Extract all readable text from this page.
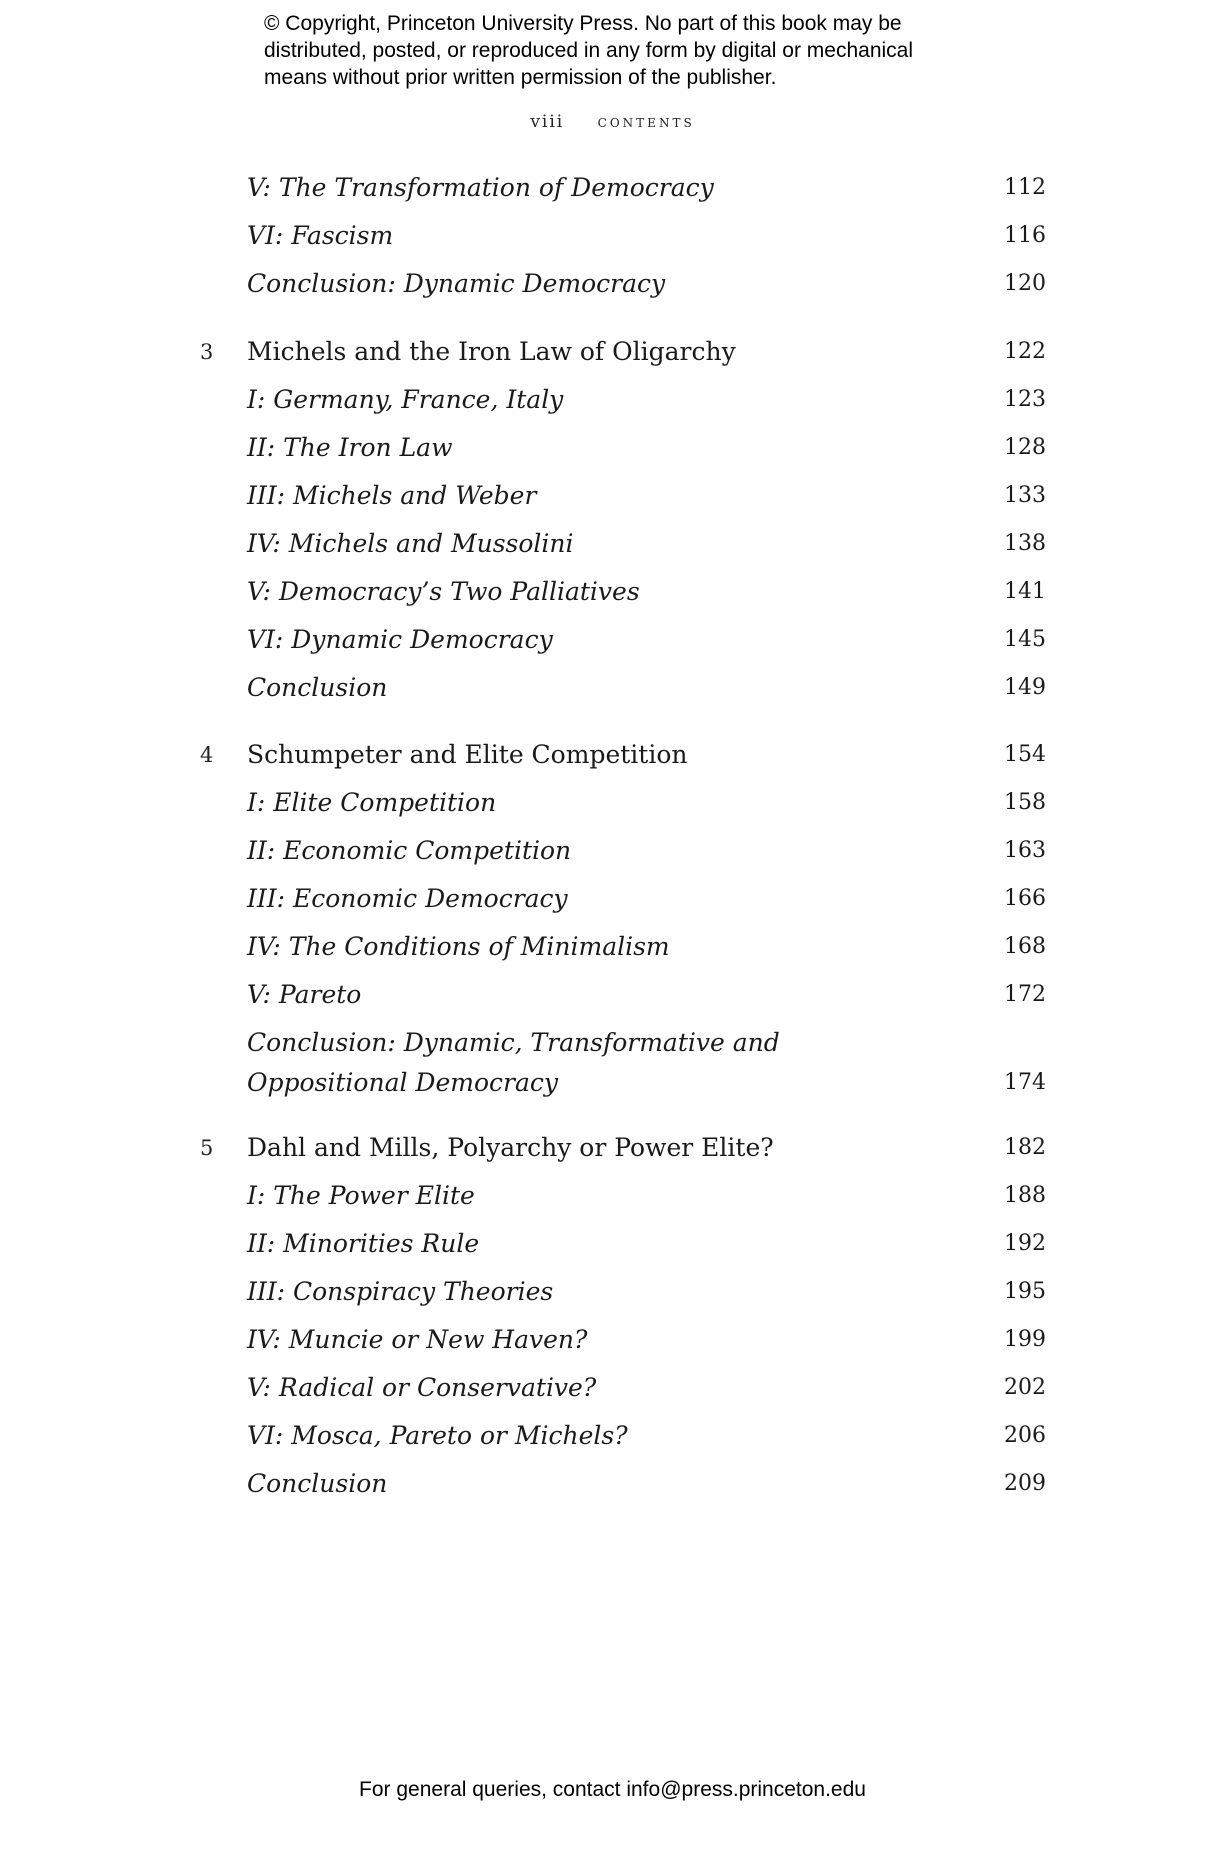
© Copyright, Princeton University Press. No part of this book may be
distributed, posted, or reproduced in any form by digital or mechanical
means without prior written permission of the publisher.
viii contents
V: The Transformation of Democracy	112
VI: Fascism	116
Conclusion: Dynamic Democracy	120
3	Michels and the Iron Law of Oligarchy	122
I: Germany, France, Italy	123
II: The Iron Law	128
III: Michels and Weber	133
IV: Michels and Mussolini	138
V: Democracy’s Two Palliatives	141
VI: Dynamic Democracy	145
Conclusion	149
4	Schumpeter and Elite Competition	154
I: Elite Competition	158
II: Economic Competition	163
III: Economic Democracy	166
IV: The Conditions of Minimalism	168
V: Pareto	172
Conclusion: Dynamic, Transformative and Oppositional Democracy	174
5	Dahl and Mills, Polyarchy or Power Elite?	182
I: The Power Elite	188
II: Minorities Rule	192
III: Conspiracy Theories	195
IV: Muncie or New Haven?	199
V: Radical or Conservative?	202
VI: Mosca, Pareto or Michels?	206
Conclusion	209
For general queries, contact info@press.princeton.edu
